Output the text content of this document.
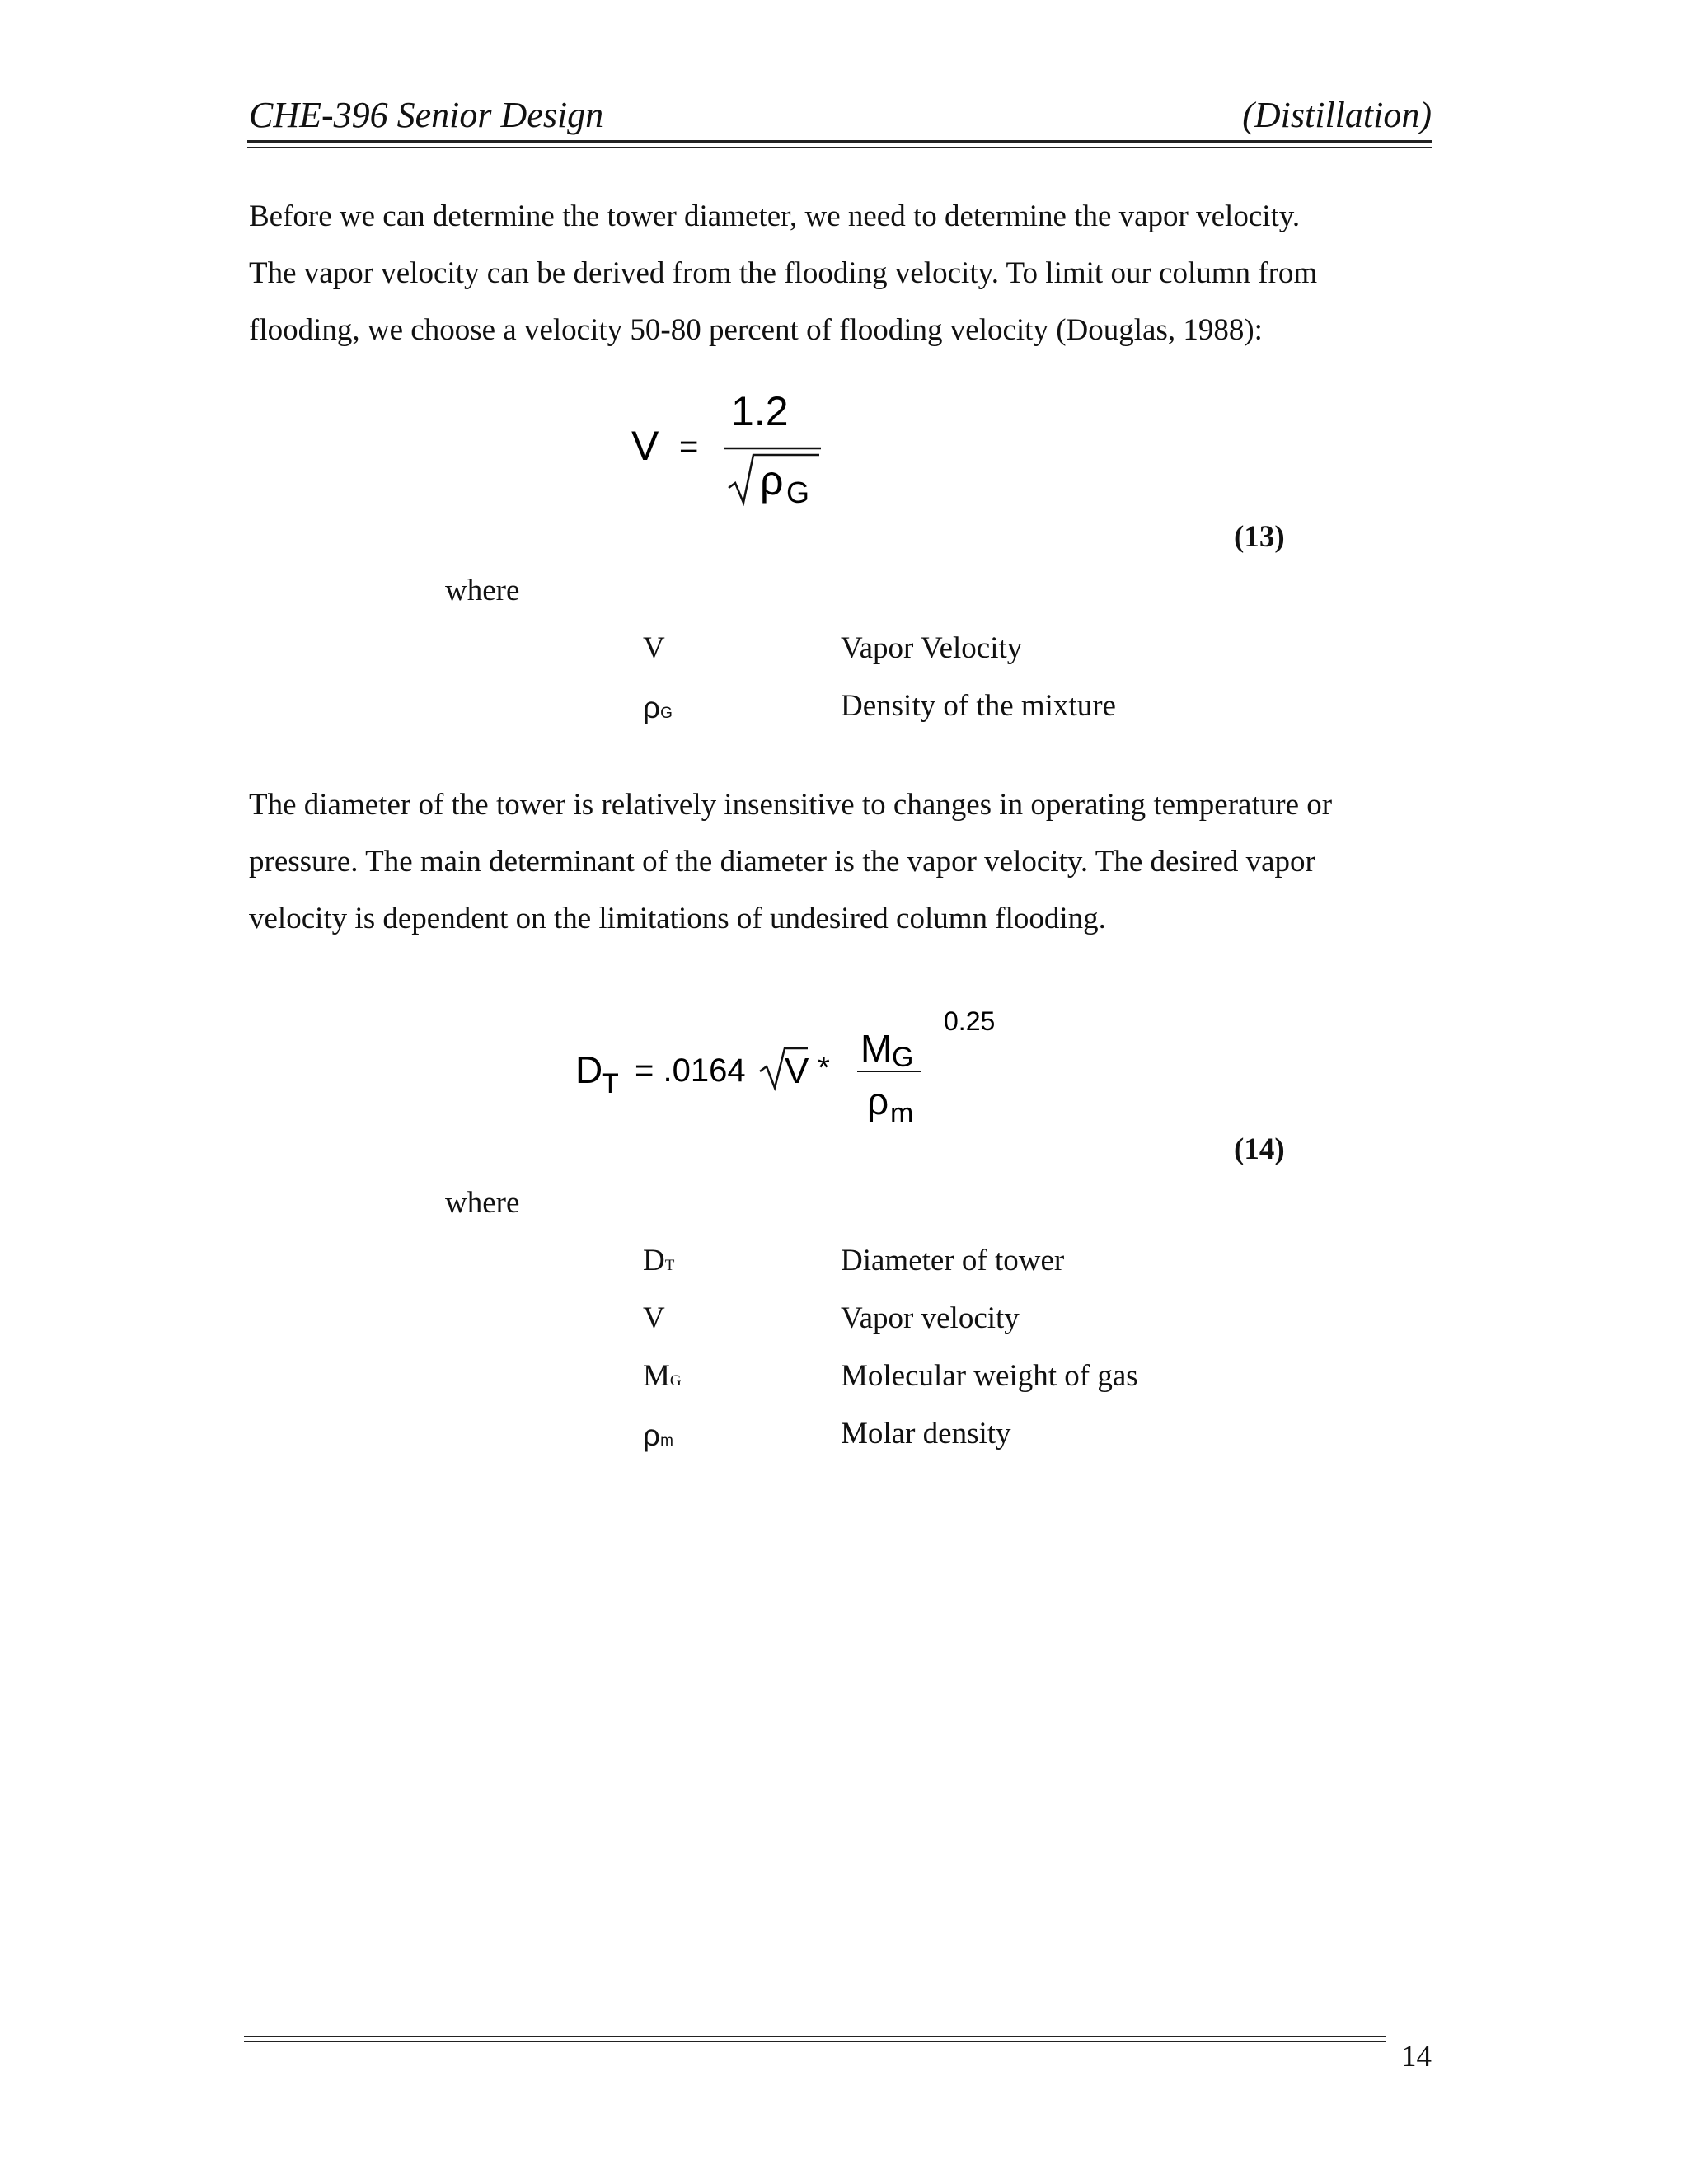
CHE-396 Senior Design	(Distillation)

Before we can determine the tower diameter, we need to determine the vapor velocity.

The vapor velocity can be derived from the flooding velocity. To limit our column from

flooding, we choose a velocity 50-80 percent of flooding velocity (Douglas, 1988):

V =
1.2
ρ G
(13)
where
V	Vapor Velocity
ρG	Density of the mixture

The diameter of the tower is relatively insensitive to changes in operating temperature or

pressure. The main determinant of the diameter is the vapor velocity. The desired vapor

velocity is dependent on the limitations of undesired column flooding.

D
T = .0164 V * M G
ρ m
0.25
(14)
where
DT	Diameter of tower
V	Vapor velocity
MG	Molecular weight of gas
ρm	Molar density
14
